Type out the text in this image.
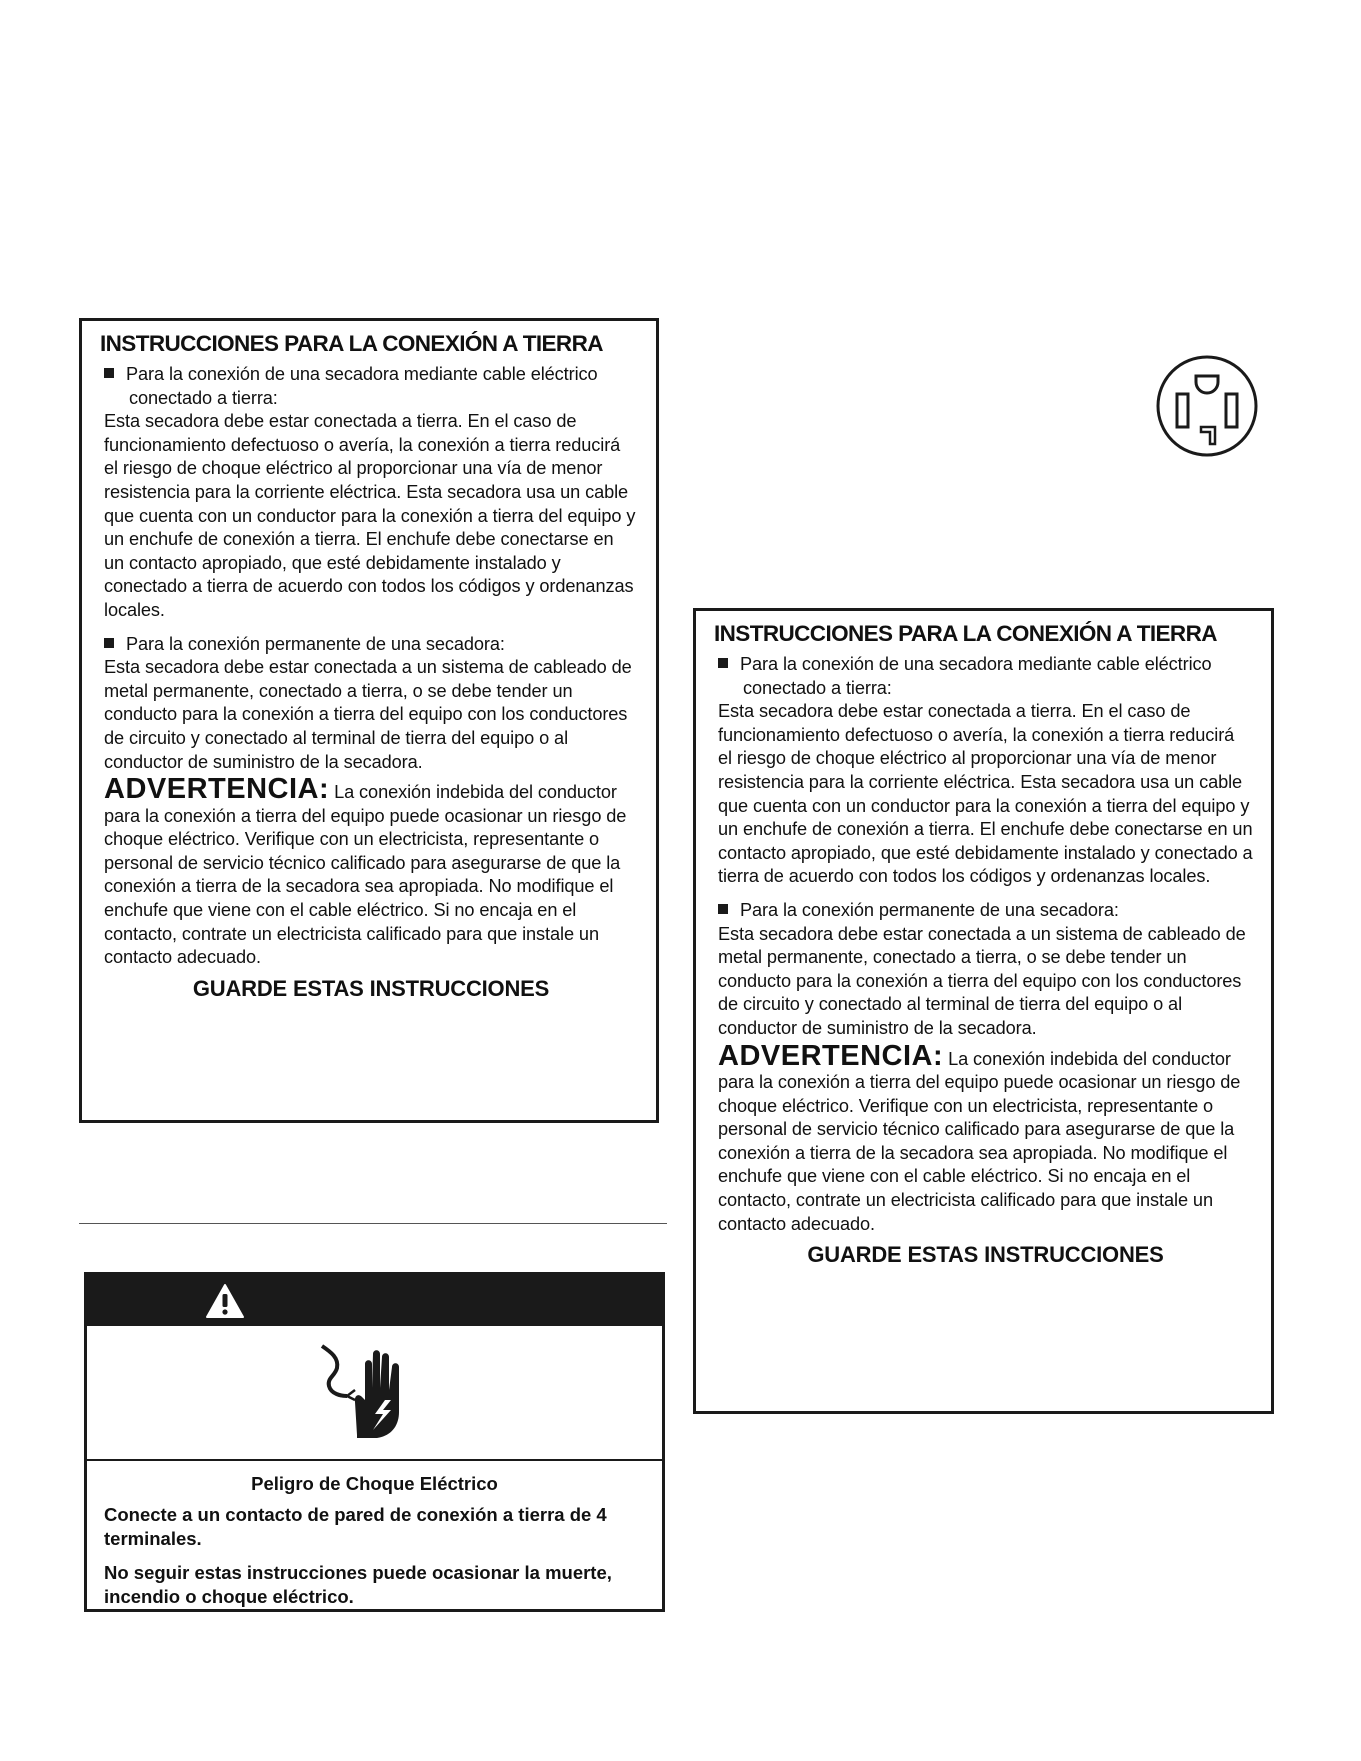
INSTRUCCIONES PARA LA CONEXIÓN A TIERRA

Para la conexión de una secadora mediante cable eléctrico conectado a tierra:

Esta secadora debe estar conectada a tierra. En el caso de funcionamiento defectuoso o avería, la conexión a tierra reducirá el riesgo de choque eléctrico al proporcionar una vía de menor resistencia para la corriente eléctrica. Esta secadora usa un cable que cuenta con un conductor para la conexión a tierra del equipo y un enchufe de conexión a tierra. El enchufe debe conectarse en un contacto apropiado, que esté debidamente instalado y conectado a tierra de acuerdo con todos los códigos y ordenanzas locales.

Para la conexión permanente de una secadora:

Esta secadora debe estar conectada a un sistema de cableado de metal permanente, conectado a tierra, o se debe tender un conducto para la conexión a tierra del equipo con los conductores de circuito y conectado al terminal de tierra del equipo o al conductor de suministro de la secadora.

ADVERTENCIA: La conexión indebida del conductor para la conexión a tierra del equipo puede ocasionar un riesgo de choque eléctrico. Verifique con un electricista, representante o personal de servicio técnico calificado para asegurarse de que la conexión a tierra de la secadora sea apropiada. No modifique el enchufe que viene con el cable eléctrico. Si no encaja en el contacto, contrate un electricista calificado para que instale un contacto adecuado.

GUARDE ESTAS INSTRUCCIONES
INSTRUCCIONES PARA LA CONEXIÓN A TIERRA

Para la conexión de una secadora mediante cable eléctrico conectado a tierra:

Esta secadora debe estar conectada a tierra. En el caso de funcionamiento defectuoso o avería, la conexión a tierra reducirá el riesgo de choque eléctrico al proporcionar una vía de menor resistencia para la corriente eléctrica. Esta secadora usa un cable que cuenta con un conductor para la conexión a tierra del equipo y un enchufe de conexión a tierra. El enchufe debe conectarse en un contacto apropiado, que esté debidamente instalado y conectado a tierra de acuerdo con todos los códigos y ordenanzas locales.

Para la conexión permanente de una secadora:

Esta secadora debe estar conectada a un sistema de cableado de metal permanente, conectado a tierra, o se debe tender un conducto para la conexión a tierra del equipo con los conductores de circuito y conectado al terminal de tierra del equipo o al conductor de suministro de la secadora.

ADVERTENCIA: La conexión indebida del conductor para la conexión a tierra del equipo puede ocasionar un riesgo de choque eléctrico. Verifique con un electricista, representante o personal de servicio técnico calificado para asegurarse de que la conexión a tierra de la secadora sea apropiada. No modifique el enchufe que viene con el cable eléctrico. Si no encaja en el contacto, contrate un electricista calificado para que instale un contacto adecuado.

GUARDE ESTAS INSTRUCCIONES
Peligro de Choque Eléctrico
Conecte a un contacto de pared de conexión a tierra de 4 terminales.
No seguir estas instrucciones puede ocasionar la muerte, incendio o choque eléctrico.
